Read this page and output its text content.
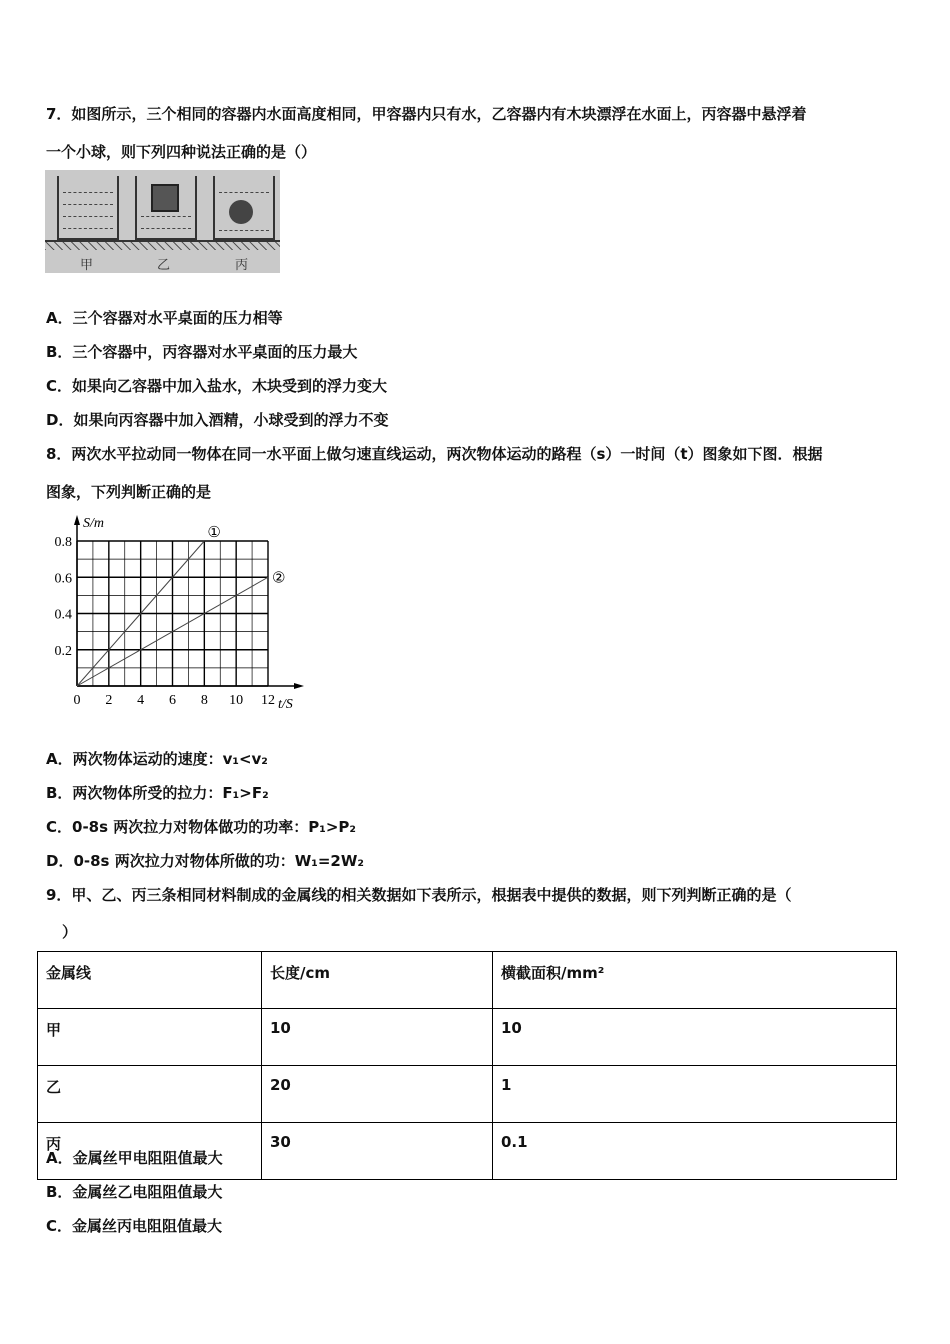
7．如图所示，三个相同的容器内水面高度相同，甲容器内只有水，乙容器内有木块漂浮在水面上，丙容器中悬浮着
一个小球，则下列四种说法正确的是（）
甲	乙	丙
A．三个容器对水平桌面的压力相等
B．三个容器中，丙容器对水平桌面的压力最大
C．如果向乙容器中加入盐水，木块受到的浮力变大
D．如果向丙容器中加入酒精，小球受到的浮力不变
8．两次水平拉动同一物体在同一水平面上做匀速直线运动，两次物体运动的路程（s）一时间（t）图象如下图．根据
图象，下列判断正确的是
0 2 4 6 8 10 12
0.2
0.4
0.6
0.8
t/S
S/m	①
②
A．两次物体运动的速度：v₁<v₂
B．两次物体所受的拉力：F₁>F₂
C．0-8s 两次拉力对物体做功的功率：P₁>P₂
D．0-8s 两次拉力对物体所做的功：W₁=2W₂
9．甲、乙、丙三条相同材料制成的金属线的相关数据如下表所示，根据表中提供的数据，则下列判断正确的是（
）
金属线	长度/cm	横截面积/mm²
甲	10	10
乙	20	1
丙	30	0.1
A．金属丝甲电阻阻值最大
B．金属丝乙电阻阻值最大
C．金属丝丙电阻阻值最大
